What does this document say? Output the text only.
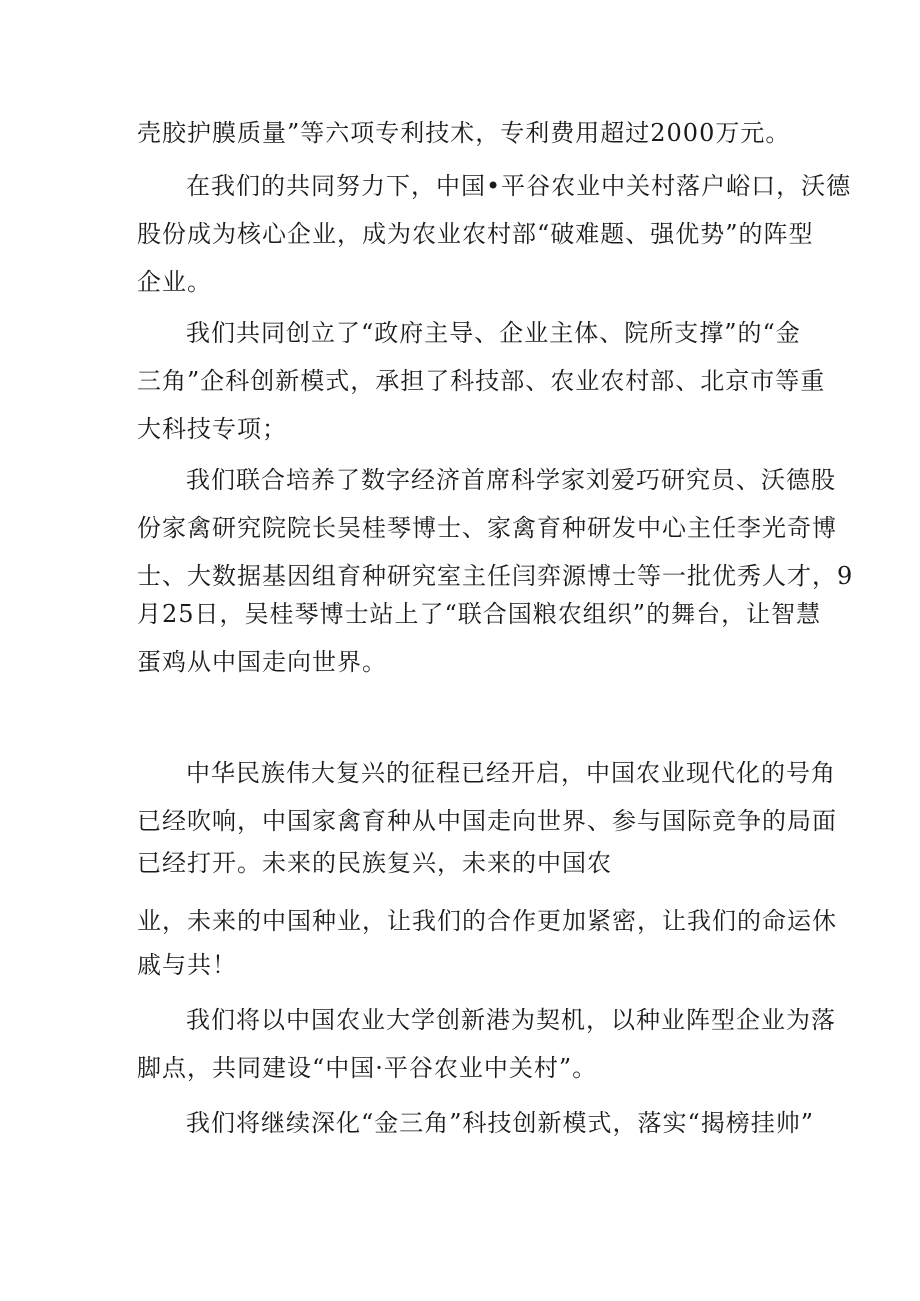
壳胶护膜质量”等六项专利技术，专利费用超过2000万元。
在我们的共同努力下，中国•平谷农业中关村落户峪口，沃德
股份成为核心企业，成为农业农村部“破难题、强优势”的阵型
企业。
我们共同创立了“政府主导、企业主体、院所支撑”的“金
三角”企科创新模式，承担了科技部、农业农村部、北京市等重
大科技专项；
我们联合培养了数字经济首席科学家刘爱巧研究员、沃德股
份家禽研究院院长吴桂琴博士、家禽育种研发中心主任李光奇博
士、大数据基因组育种研究室主任闫弈源博士等一批优秀人才，9
月25日，吴桂琴博士站上了“联合国粮农组织”的舞台，让智慧
蛋鸡从中国走向世界。
中华民族伟大复兴的征程已经开启，中国农业现代化的号角
已经吹响，中国家禽育种从中国走向世界、参与国际竞争的局面
已经打开。未来的民族复兴，未来的中国农
业，未来的中国种业，让我们的合作更加紧密，让我们的命运休
戚与共！
我们将以中国农业大学创新港为契机，以种业阵型企业为落
脚点，共同建设“中国·平谷农业中关村”。
我们将继续深化“金三角”科技创新模式，落实“揭榜挂帅”
